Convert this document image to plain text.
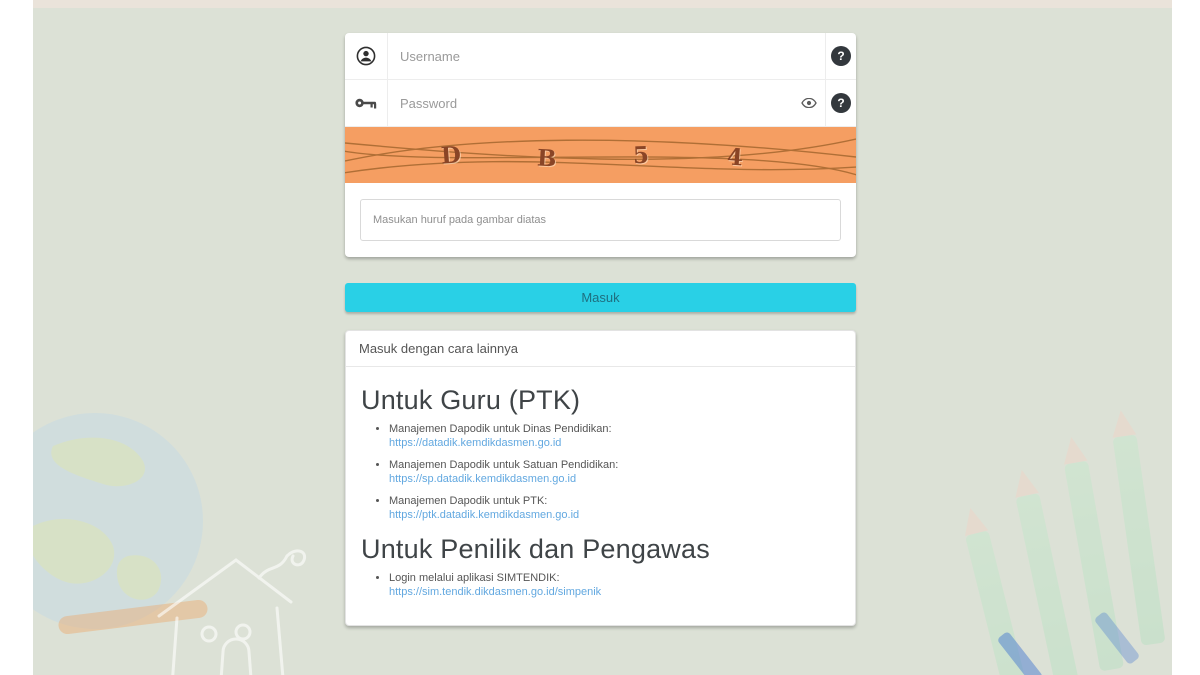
Username
?
?
D	B	5	4
Masukan huruf pada gambar diatas
Masuk
Masuk dengan cara lainnya
Untuk Guru (PTK)
• Manajemen Dapodik untuk Dinas Pendidikan:
https://datadik.kemdikdasmen.go.id
• Manajemen Dapodik untuk Satuan Pendidikan:
https://sp.datadik.kemdikdasmen.go.id
• Manajemen Dapodik untuk PTK:
https://ptk.datadik.kemdikdasmen.go.id
Untuk Penilik dan Pengawas
• Login melalui aplikasi SIMTENDIK:
https://sim.tendik.dikdasmen.go.id/simpenik
